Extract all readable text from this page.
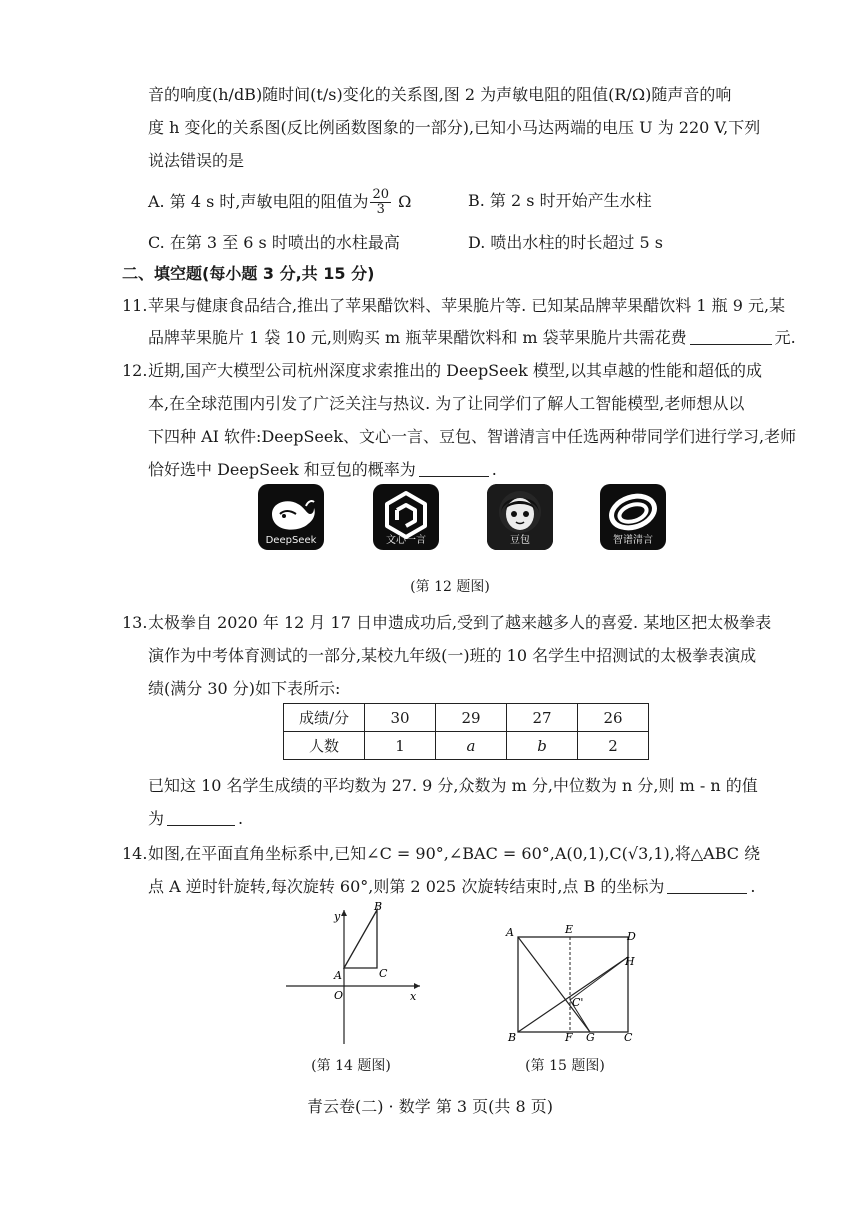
音的响度(h/dB)随时间(t/s)变化的关系图,图 2 为声敏电阻的阻值(R/Ω)随声音的响
度 h 变化的关系图(反比例函数图象的一部分),已知小马达两端的电压 U 为 220 V,下列
说法错误的是
A. 第 4 s 时,声敏电阻的阻值为 $\frac{20}{3}$ Ω	B. 第 2 s 时开始产生水柱
C. 在第 3 至 6 s 时喷出的水柱最高	D. 喷出水柱的时长超过 5 s
二、填空题(每小题 3 分,共 15 分)
11. 苹果与健康食品结合,推出了苹果醋饮料、苹果脆片等. 已知某品牌苹果醋饮料 1 瓶 9 元,某
品牌苹果脆片 1 袋 10 元,则购买 m 瓶苹果醋饮料和 m 袋苹果脆片共需花费	元.
12. 近期,国产大模型公司杭州深度求索推出的 DeepSeek 模型,以其卓越的性能和超低的成
本,在全球范围内引发了广泛关注与热议. 为了让同学们了解人工智能模型,老师想从以
下四种 AI 软件:DeepSeek、文心一言、豆包、智谱清言中任选两种带同学们进行学习,老师
恰好选中 DeepSeek 和豆包的概率为	.
DeepSeek	文心一言	豆包	智谱清言
(第 12 题图)
13. 太极拳自 2020 年 12 月 17 日申遗成功后,受到了越来越多人的喜爱. 某地区把太极拳表
演作为中考体育测试的一部分,某校九年级(一)班的 10 名学生中招测试的太极拳表演成
绩(满分 30 分)如下表所示:
成绩/分	30	29	27	26
人数	1	a	b	2
已知这 10 名学生成绩的平均数为 27. 9 分,众数为 m 分,中位数为 n 分,则 m - n 的值
为	.
14. 如图,在平面直角坐标系中,已知∠C = 90°,∠BAC = 60°,A(0,1),C(√3,1),将△ABC 绕
点 A 逆时针旋转,每次旋转 60°,则第 2 025 次旋转结束时,点 B 的坐标为	.
y
x
O
A
B
C
A	E
D
H
C'
B	F G	C
(第 14 题图)	(第 15 题图)
青云卷(二) · 数学 第 3 页(共 8 页)
